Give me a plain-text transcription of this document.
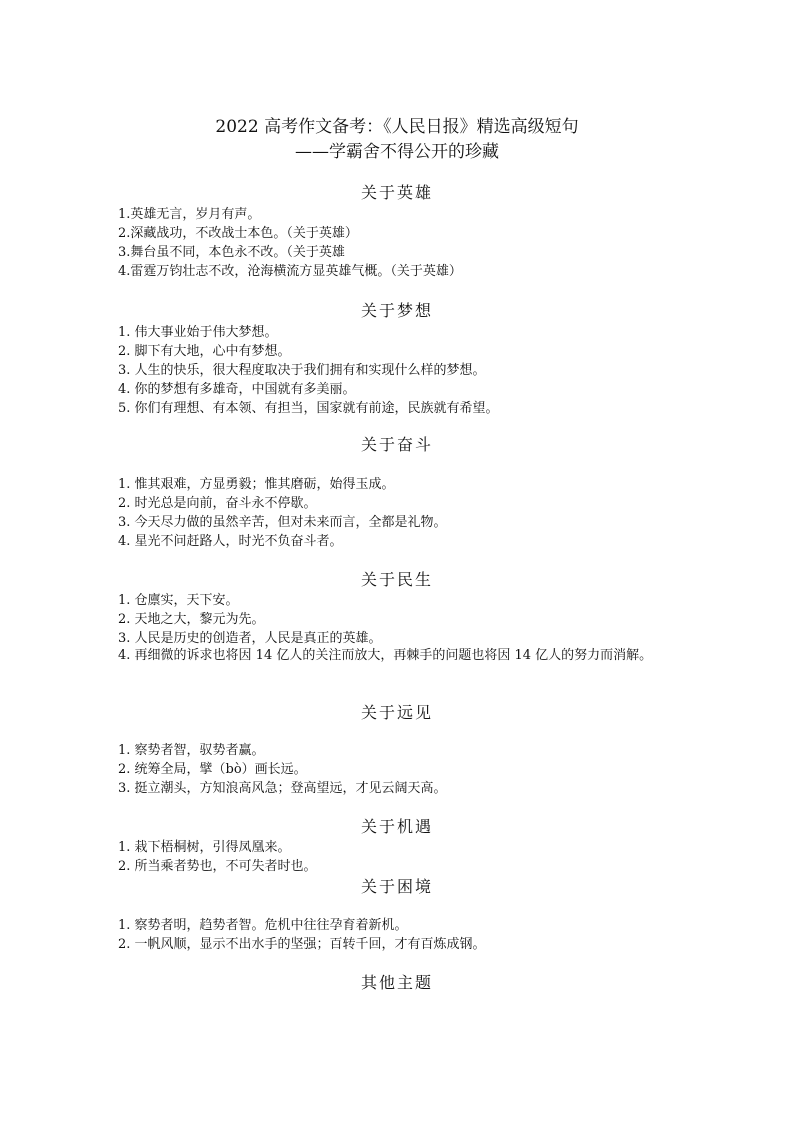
2022 高考作文备考：《人民日报》精选高级短句
——学霸舍不得公开的珍藏
关于英雄
1.英雄无言，岁月有声。
2.深藏战功，不改战士本色。（关于英雄）
3.舞台虽不同，本色永不改。（关于英雄
4.雷霆万钧壮志不改，沧海横流方显英雄气概。（关于英雄）
关于梦想
1. 伟大事业始于伟大梦想。
2. 脚下有大地，心中有梦想。
3. 人生的快乐，很大程度取决于我们拥有和实现什么样的梦想。
4. 你的梦想有多雄奇，中国就有多美丽。
5. 你们有理想、有本领、有担当，国家就有前途，民族就有希望。
关于奋斗
1. 惟其艰难，方显勇毅；惟其磨砺，始得玉成。
2. 时光总是向前，奋斗永不停歇。
3. 今天尽力做的虽然辛苦，但对未来而言，全都是礼物。
4. 星光不问赶路人，时光不负奋斗者。
关于民生
1. 仓廪实，天下安。
2. 天地之大，黎元为先。
3. 人民是历史的创造者，人民是真正的英雄。
4. 再细微的诉求也将因 14 亿人的关注而放大，再棘手的问题也将因 14 亿人的努力而消解。
关于远见
1. 察势者智，驭势者赢。
2. 统筹全局，擘（bò）画长远。
3. 挺立潮头，方知浪高风急；登高望远，才见云阔天高。
关于机遇
1. 栽下梧桐树，引得凤凰来。
2. 所当乘者势也，不可失者时也。
关于困境
1. 察势者明，趋势者智。危机中往往孕育着新机。
2. 一帆风顺，显示不出水手的坚强；百转千回，才有百炼成钢。
其他主题
